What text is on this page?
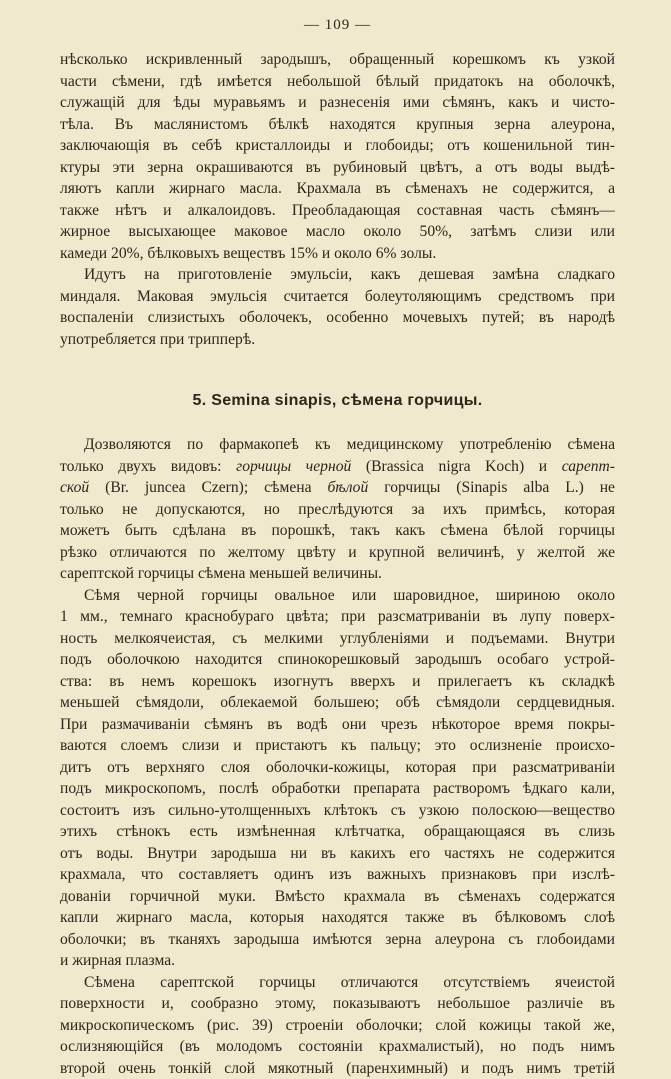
— 109 —
нѣсколько искривленный зародышъ, обращенный корешкомъ къ узкой
части сѣмени, гдѣ имѣется небольшой бѣлый придатокъ на оболочкѣ,
служащій для ѣды муравьямъ и разнесенія ими сѣмянъ, какъ и чисто-
тѣла. Въ маслянистомъ бѣлкѣ находятся крупныя зерна алеурона,
заключающія въ себѣ кристаллоиды и глобоиды; отъ кошенильной тин-
ктуры эти зерна окрашиваются въ рубиновый цвѣтъ, а отъ воды выдѣ-
ляютъ капли жирнаго масла. Крахмала въ сѣменахъ не содержится, а
также нѣтъ и алкалоидовъ. Преобладающая составная часть сѣмянъ—
жирное высыхающее маковое масло около 50%, затѣмъ слизи или
камеди 20%, бѣлковыхъ веществъ 15% и около 6% золы.
Идутъ на приготовленіе эмульсіи, какъ дешевая замѣна сладкаго
миндаля. Маковая эмульсія считается болеутоляющимъ средствомъ при
воспаленіи слизистыхъ оболочекъ, особенно мочевыхъ путей; въ народѣ
употребляется при трипперѣ.
5. Semina sinapis, сѣмена горчицы.
Дозволяются по фармакопеѣ къ медицинскому употребленію сѣмена
только двухъ видовъ: горчицы черной (Brassica nigra Koch) и сарепт-
ской (Br. juncea Czern); сѣмена бѣлой горчицы (Sinapis alba L.) не
только не допускаются, но преслѣдуются за ихъ примѣсь, которая
можетъ быть сдѣлана въ порошкѣ, такъ какъ сѣмена бѣлой горчицы
рѣзко отличаются по желтому цвѣту и крупной величинѣ, у желтой же
сарептской горчицы сѣмена меньшей величины.
Сѣмя черной горчицы овальное или шаровидное, шириною около
1 мм., темнаго краснобураго цвѣта; при разсматриваніи въ лупу поверх-
ность мелкоячеистая, съ мелкими углубленіями и подъемами. Внутри
подъ оболочкою находится спинокорешковый зародышъ особаго устрой-
ства: въ немъ корешокъ изогнутъ вверхъ и прилегаетъ къ складкѣ
меньшей сѣмядоли, облекаемой большею; обѣ сѣмядоли сердцевидныя.
При размачиваніи сѣмянъ въ водѣ они чрезъ нѣкоторое время покры-
ваются слоемъ слизи и пристаютъ къ пальцу; это ослизненіе происхо-
дитъ отъ верхняго слоя оболочки-кожицы, которая при разсматриваніи
подъ микроскопомъ, послѣ обработки препарата растворомъ ѣдкаго кали,
состоитъ изъ сильно-утолщенныхъ клѣтокъ съ узкою полоскою—вещество
этихъ стѣнокъ есть измѣненная клѣтчатка, обращающаяся въ слизь
отъ воды. Внутри зародыша ни въ какихъ его частяхъ не содержится
крахмала, что составляетъ одинъ изъ важныхъ признаковъ при изслѣ-
дованіи горчичной муки. Вмѣсто крахмала въ сѣменахъ содержатся
капли жирнаго масла, которыя находятся также въ бѣлковомъ слоѣ
оболочки; въ тканяхъ зародыша имѣются зерна алеурона съ глобоидами
и жирная плазма.
Сѣмена сарептской горчицы отличаются отсутствіемъ ячеистой
поверхности и, сообразно этому, показываютъ небольшое различіе въ
микроскопическомъ (рис. 39) строеніи оболочки; слой кожицы такой же,
ослизняющійся (въ молодомъ состояніи крахмалистый), но подъ нимъ
второй очень тонкій слой мякотный (паренхимный) и подъ нимъ третій
